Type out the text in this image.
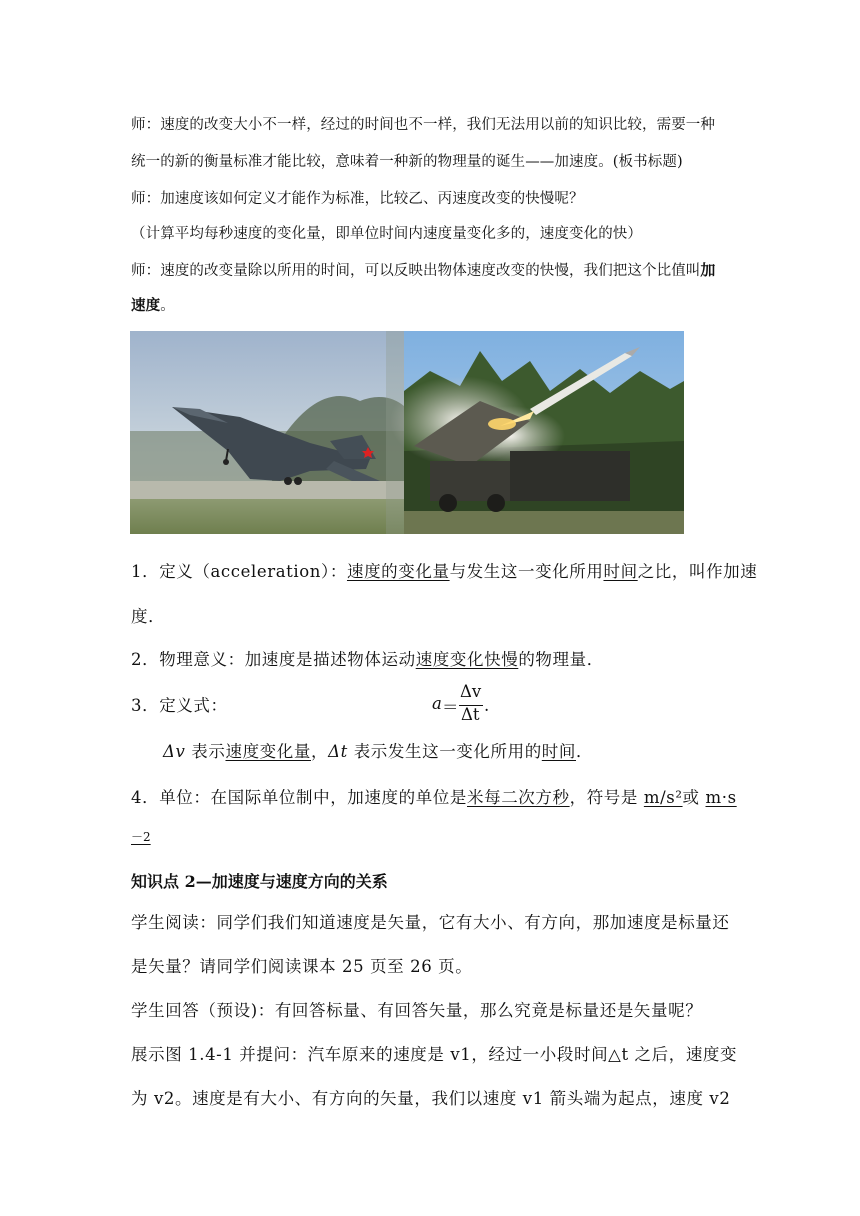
师：速度的改变大小不一样，经过的时间也不一样，我们无法用以前的知识比较，需要一种
统一的新的衡量标准才能比较，意味着一种新的物理量的诞生——加速度。(板书标题)
师：加速度该如何定义才能作为标准，比较乙、丙速度改变的快慢呢？
（计算平均每秒速度的变化量，即单位时间内速度量变化多的，速度变化的快）
师：速度的改变量除以所用的时间，可以反映出物体速度改变的快慢，我们把这个比值叫加
速度。
1．定义（acceleration）：速度的变化量与发生这一变化所用时间之比，叫作加速
度．
2．物理意义：加速度是描述物体运动速度变化快慢的物理量．
3．定义式：	a ＝
Δv
Δt .
Δv 表示速度变化量，Δt 表示发生这一变化所用的时间．
4．单位：在国际单位制中，加速度的单位是米每二次方秒，符号是 m/s²或 m·s
－2
知识点 2—加速度与速度方向的关系
学生阅读：同学们我们知道速度是矢量，它有大小、有方向，那加速度是标量还
是矢量？请同学们阅读课本 25 页至 26 页。
学生回答（预设)：有回答标量、有回答矢量，那么究竟是标量还是矢量呢？
展示图 1.4-1 并提问：汽车原来的速度是 v1，经过一小段时间△t 之后，速度变
为 v2。速度是有大小、有方向的矢量，我们以速度 v1 箭头端为起点，速度 v2
